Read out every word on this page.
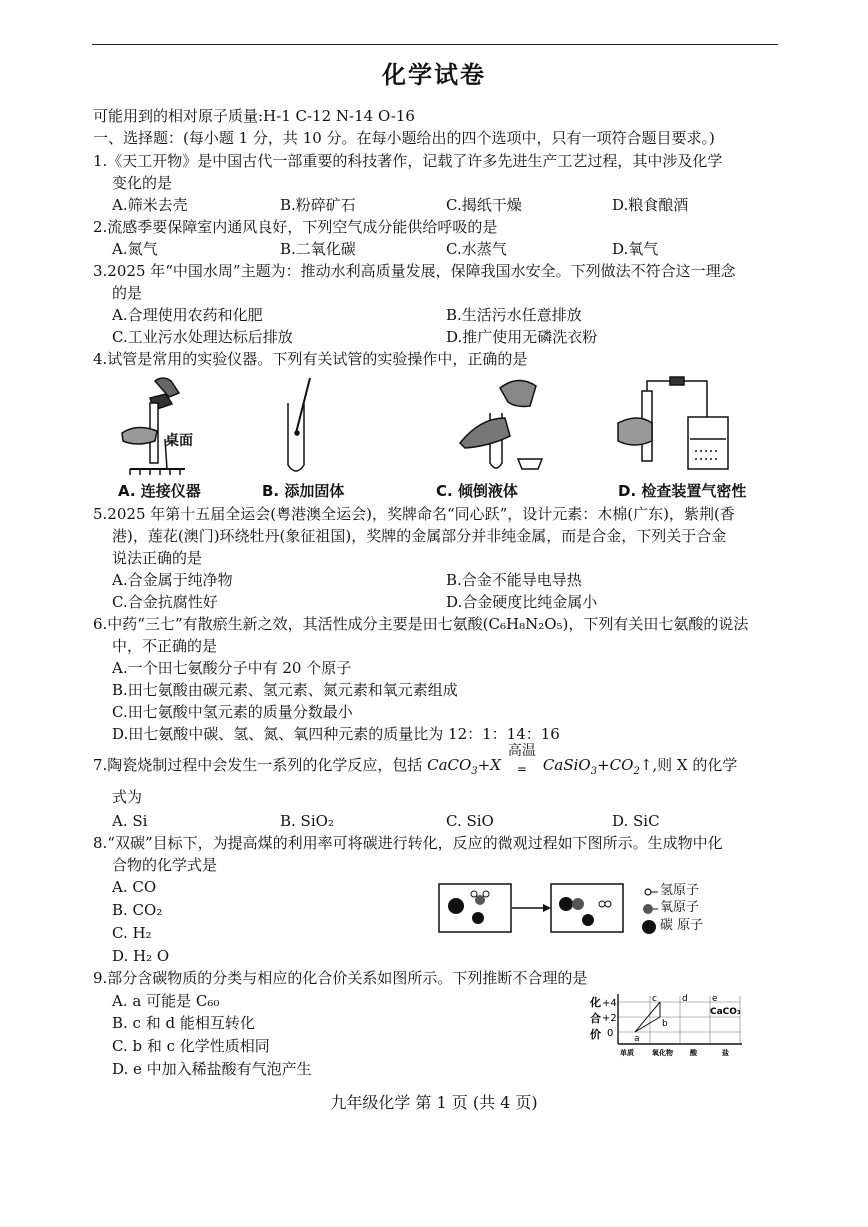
化学试卷
可能用到的相对原子质量:H-1 C-12 N-14 O-16
一、选择题：(每小题 1 分，共 10 分。在每小题给出的四个选项中，只有一项符合题目要求。)
1.《天工开物》是中国古代一部重要的科技著作，记载了许多先进生产工艺过程，其中涉及化学
变化的是
A.筛米去壳	B.粉碎矿石	C.揭纸干燥	D.粮食酿酒
2.流感季要保障室内通风良好，下列空气成分能供给呼吸的是
A.氮气	B.二氧化碳	C.水蒸气	D.氧气
3.2025 年“中国水周”主题为：推动水利高质量发展，保障我国水安全。下列做法不符合这一理念
的是
A.合理使用农药和化肥	B.生活污水任意排放
C.工业污水处理达标后排放	D.推广使用无磷洗衣粉
4.试管是常用的实验仪器。下列有关试管的实验操作中，正确的是
桌面
A. 连接仪器	B. 添加固体	C. 倾倒液体	D. 检查装置气密性
5.2025 年第十五届全运会(粤港澳全运会)，奖牌命名“同心跃”，设计元素：木棉(广东)，紫荆(香
港)，莲花(澳门)环绕牡丹(象征祖国)，奖牌的金属部分并非纯金属，而是合金，下列关于合金
说法正确的是
A.合金属于纯净物	B.合金不能导电导热
C.合金抗腐性好	D.合金硬度比纯金属小
6.中药“三七”有散瘀生新之效，其活性成分主要是田七氨酸(C₆H₈N₂O₅)，下列有关田七氨酸的说法
中，不正确的是
A.一个田七氨酸分子中有 20 个原子
B.田七氨酸由碳元素、氢元素、氮元素和氧元素组成
C.田七氨酸中氢元素的质量分数最小
D.田七氨酸中碳、氢、氮、氧四种元素的质量比为 12：1：14：16
7.陶瓷烧制过程中会发生一系列的化学反应，包括 CaCO$_3$+X
高温
=	$CaSiO_3+CO_2↑$,则 X 的化学
式为
A. Si	B. SiO₂	C. SiO	D. SiC
8.“双碳”目标下，为提高煤的利用率可将碳进行转化，反应的微观过程如下图所示。生成物中化
合物的化学式是
A. CO
B. CO₂
C. H₂
D. H₂ O
氢原子
氧原子
碳 原子
9.部分含碳物质的分类与相应的化合价关系如图所示。下列推断不合理的是
A. a 可能是 C₆₀
B. c 和 d 能相互转化
C. b 和 c 化学性质相同
D. e 中加入稀盐酸有气泡产生
化
合
价
+4
+2
0
c	d	e
b
a
CaCO₃
单质	氧化物 酸	盐
九年级化学 第 1 页 (共 4 页)
